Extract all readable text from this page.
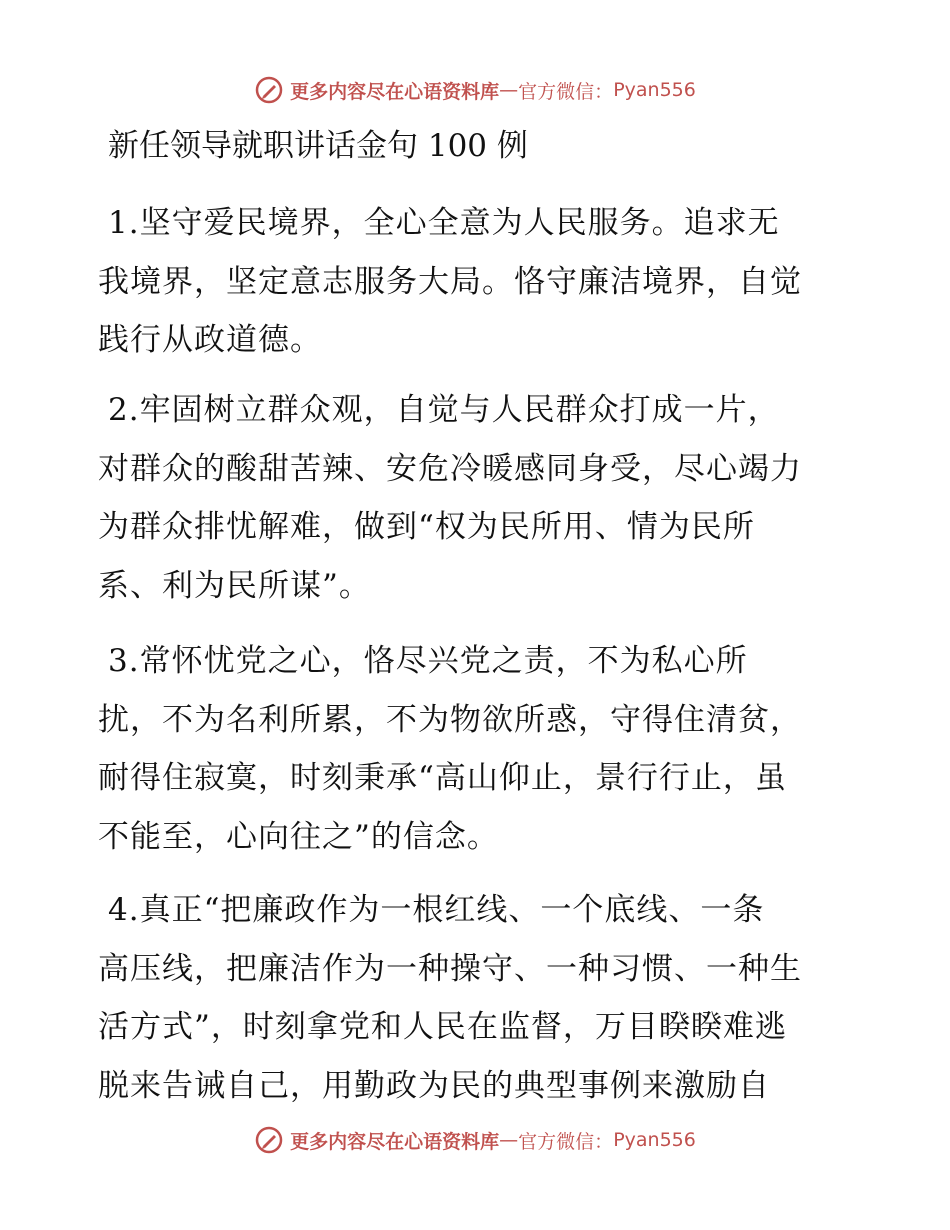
更多内容尽在心语资料库 — 官方微信： Pyan556
新任领导就职讲话金句 100 例
1.坚守爱民境界，全心全意为人民服务。追求无
我境界，坚定意志服务大局。恪守廉洁境界，自觉
践行从政道德。
2.牢固树立群众观，自觉与人民群众打成一片，
对群众的酸甜苦辣、安危冷暖感同身受，尽心竭力
为群众排忧解难，做到“权为民所用、情为民所
系、利为民所谋”。
3.常怀忧党之心，恪尽兴党之责，不为私心所
扰，不为名利所累，不为物欲所惑，守得住清贫，
耐得住寂寞，时刻秉承“高山仰止，景行行止，虽
不能至，心向往之”的信念。
4.真正“把廉政作为一根红线、一个底线、一条
高压线，把廉洁作为一种操守、一种习惯、一种生
活方式”，时刻拿党和人民在监督，万目睽睽难逃
脱来告诫自己，用勤政为民的典型事例来激励自
更多内容尽在心语资料库 — 官方微信： Pyan556
